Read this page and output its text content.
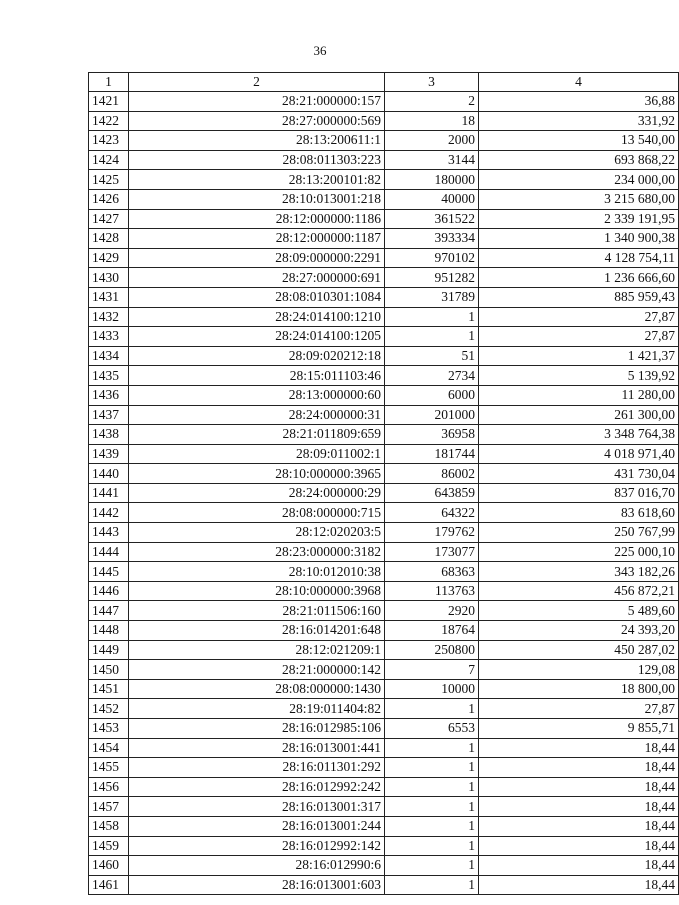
36
1	2	3	4
1421	28:21:000000:157	2	36,88
1422	28:27:000000:569	18	331,92
1423	28:13:200611:1	2000	13 540,00
1424	28:08:011303:223	3144	693 868,22
1425	28:13:200101:82	180000	234 000,00
1426	28:10:013001:218	40000	3 215 680,00
1427	28:12:000000:1186	361522	2 339 191,95
1428	28:12:000000:1187	393334	1 340 900,38
1429	28:09:000000:2291	970102	4 128 754,11
1430	28:27:000000:691	951282	1 236 666,60
1431	28:08:010301:1084	31789	885 959,43
1432	28:24:014100:1210	1	27,87
1433	28:24:014100:1205	1	27,87
1434	28:09:020212:18	51	1 421,37
1435	28:15:011103:46	2734	5 139,92
1436	28:13:000000:60	6000	11 280,00
1437	28:24:000000:31	201000	261 300,00
1438	28:21:011809:659	36958	3 348 764,38
1439	28:09:011002:1	181744	4 018 971,40
1440	28:10:000000:3965	86002	431 730,04
1441	28:24:000000:29	643859	837 016,70
1442	28:08:000000:715	64322	83 618,60
1443	28:12:020203:5	179762	250 767,99
1444	28:23:000000:3182	173077	225 000,10
1445	28:10:012010:38	68363	343 182,26
1446	28:10:000000:3968	113763	456 872,21
1447	28:21:011506:160	2920	5 489,60
1448	28:16:014201:648	18764	24 393,20
1449	28:12:021209:1	250800	450 287,02
1450	28:21:000000:142	7	129,08
1451	28:08:000000:1430	10000	18 800,00
1452	28:19:011404:82	1	27,87
1453	28:16:012985:106	6553	9 855,71
1454	28:16:013001:441	1	18,44
1455	28:16:011301:292	1	18,44
1456	28:16:012992:242	1	18,44
1457	28:16:013001:317	1	18,44
1458	28:16:013001:244	1	18,44
1459	28:16:012992:142	1	18,44
1460	28:16:012990:6	1	18,44
1461	28:16:013001:603	1	18,44
